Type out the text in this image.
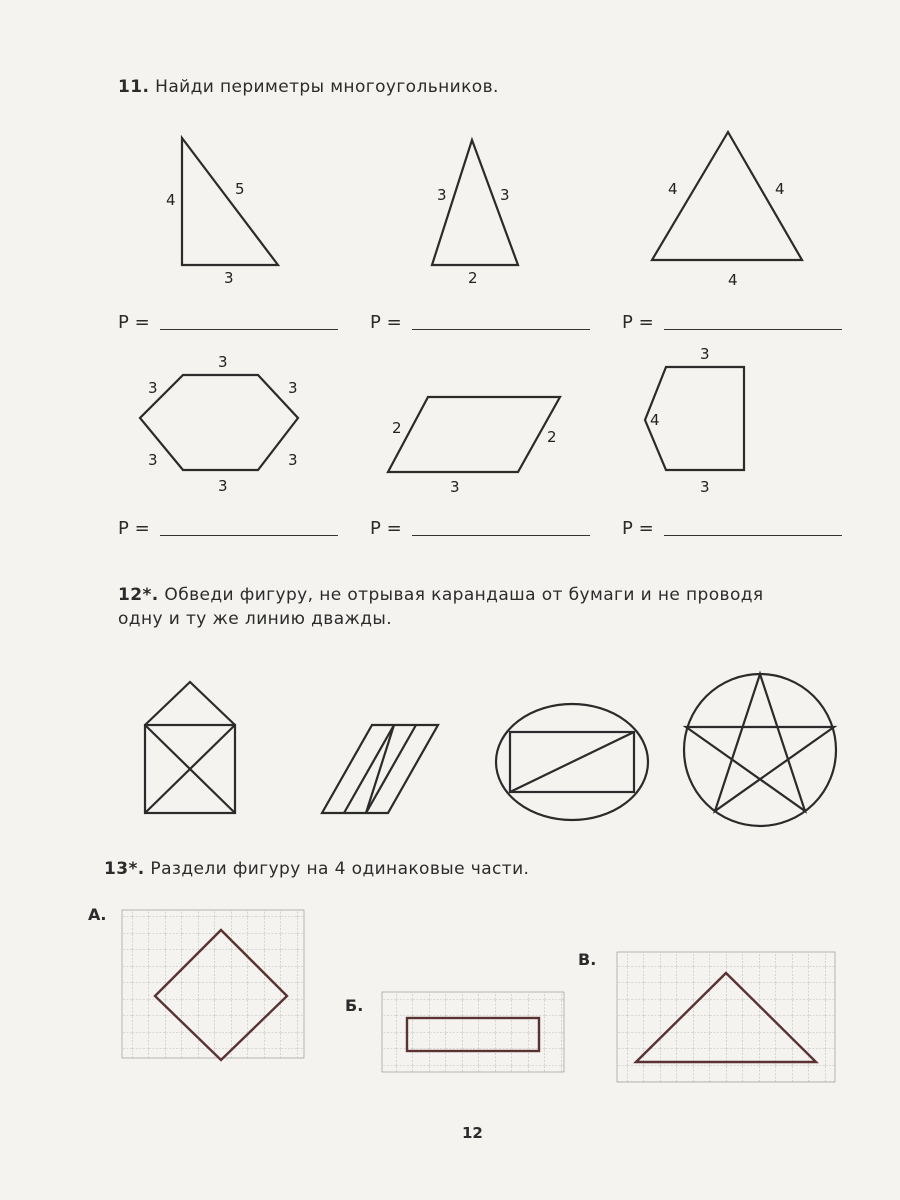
11. Найди периметры многоугольников.
4
5
3
3	3
2
4	4
4
3
3	3
3	3
3
2	2
3
3
4
3
P =	P =	P =
P =	P =	P =
12*. Обведи фигуру, не отрывая карандаша от бумаги и не проводя
одну и ту же линию дважды.
13*. Раздели фигуру на 4 одинаковые части.
А.
Б.
В.
12
